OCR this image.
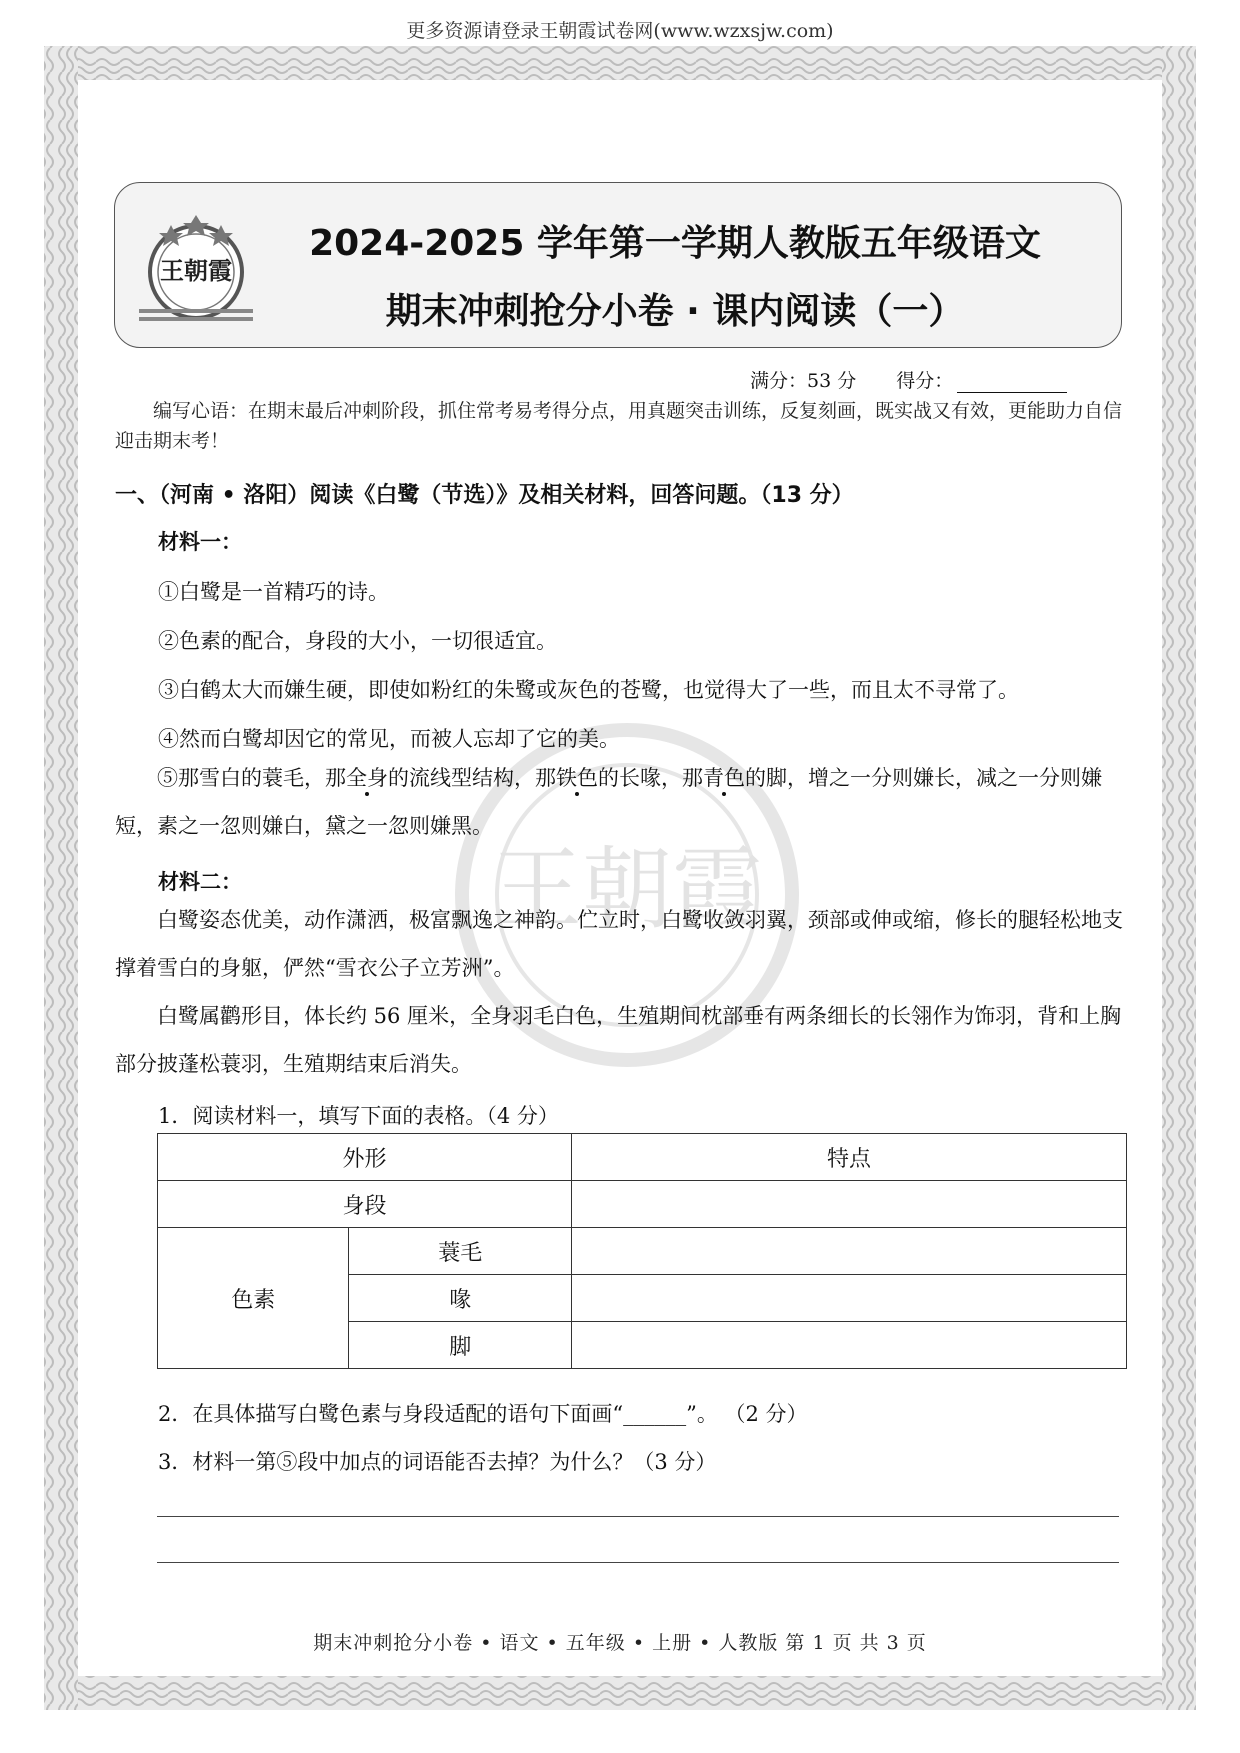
更多资源请登录王朝霞试卷网(www.wzxsjw.com)
王朝霞
王朝霞
2024-2025 学年第一学期人教版五年级语文
期末冲刺抢分小卷 · 课内阅读（一）
满分：53 分 得分：
编写心语：在期末最后冲刺阶段，抓住常考易考得分点，用真题突击训练，反复刻画，既实战又有效，更能助力自信迎击期末考！
一、（河南 • 洛阳）阅读《白鹭（节选）》及相关材料，回答问题。（13 分）
材料一：
①白鹭是一首精巧的诗。
②色素的配合，身段的大小，一切很适宜。
③白鹤太大而嫌生硬，即使如粉红的朱鹭或灰色的苍鹭，也觉得大了一些，而且太不寻常了。
④然而白鹭却因它的常见，而被人忘却了它的美。
⑤那雪白的蓑毛，那全身的流线型结构，那铁色的长喙，那青色的脚，增之一分则嫌长，减之一分则嫌短，素之一忽则嫌白，黛之一忽则嫌黑。
材料二：
白鹭姿态优美，动作潇洒，极富飘逸之神韵。伫立时，白鹭收敛羽翼，颈部或伸或缩，修长的腿轻松地支撑着雪白的身躯，俨然“雪衣公子立芳洲”。
白鹭属鹳形目，体长约 56 厘米，全身羽毛白色，生殖期间枕部垂有两条细长的长翎作为饰羽，背和上胸部分披蓬松蓑羽，生殖期结束后消失。
1．阅读材料一，填写下面的表格。（4 分）
外形		特点
身段		
色素	蓑毛	
	喙	
	脚	
2．在具体描写白鹭色素与身段适配的语句下面画“______”。 （2 分）
3．材料一第⑤段中加点的词语能否去掉？为什么？（3 分）
期末冲刺抢分小卷 • 语文 • 五年级 • 上册 • 人教版 第 1 页 共 3 页
